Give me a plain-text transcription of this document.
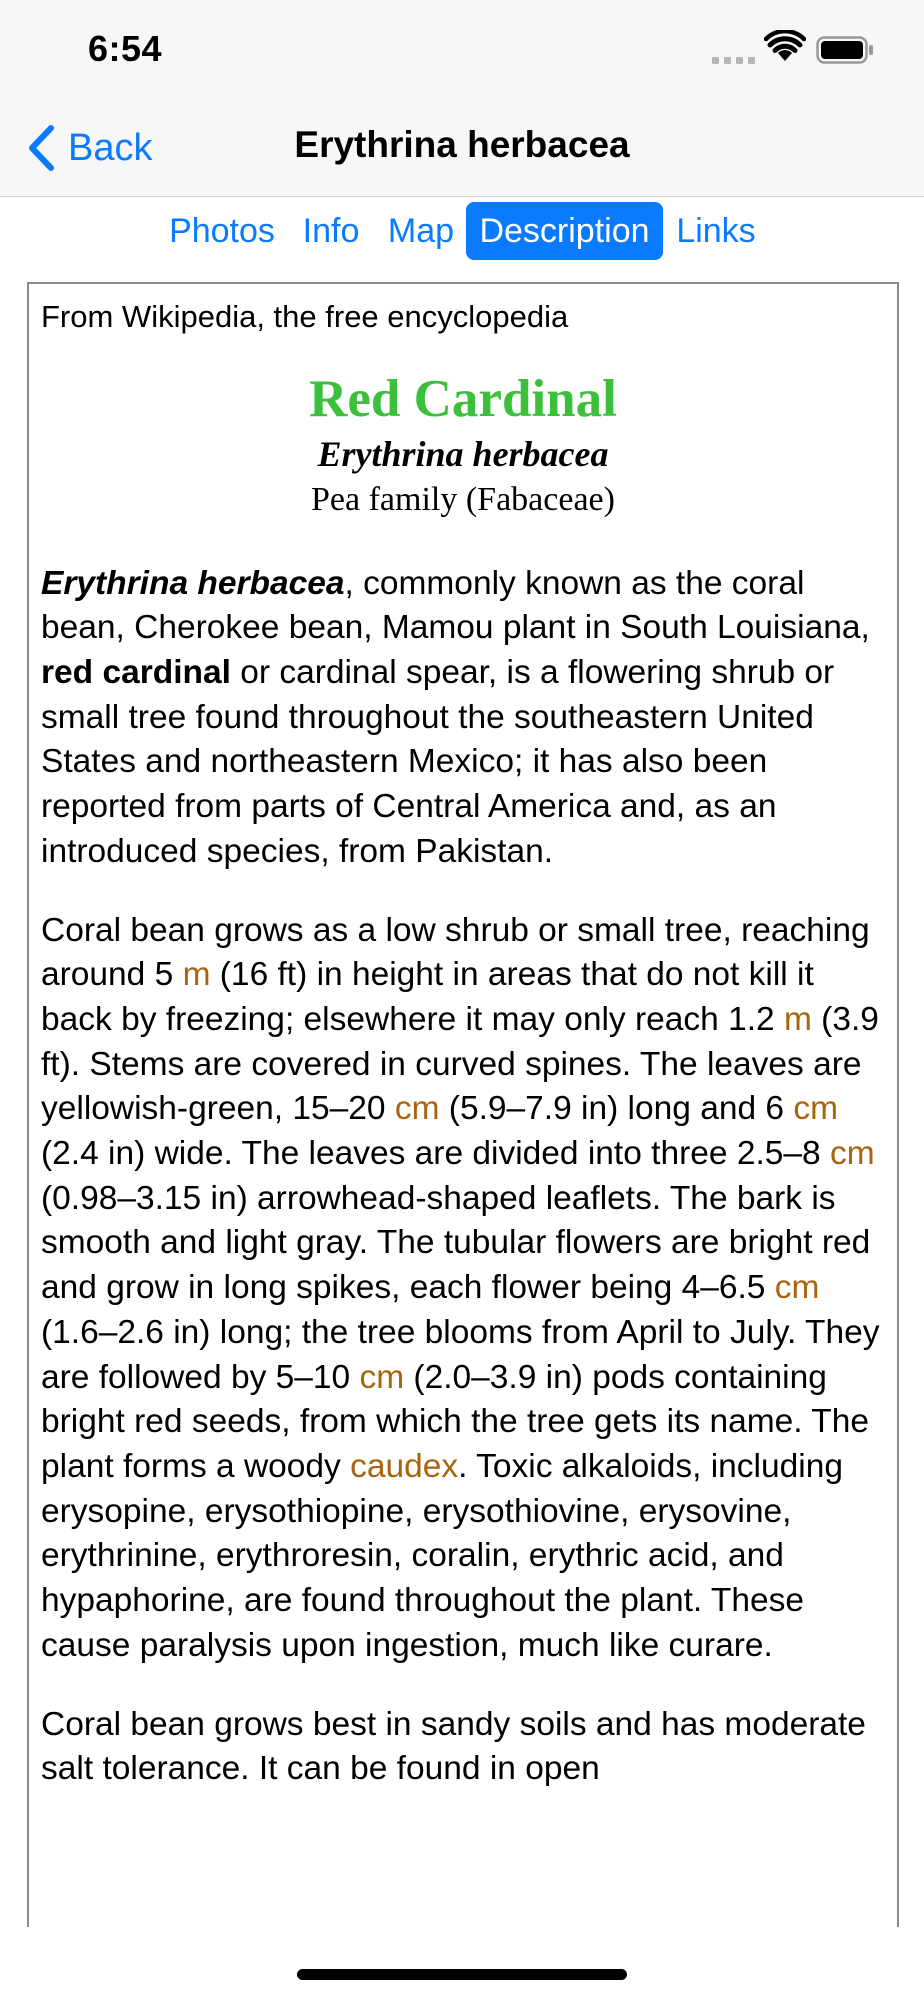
6:54
Back	Erythrina herbacea
Photos Info Map Description Links
From Wikipedia, the free encyclopedia
Red Cardinal
Erythrina herbacea
Pea family (Fabaceae)

Erythrina herbacea, commonly known as the coral bean, Cherokee bean, Mamou plant in South Louisiana, red cardinal or cardinal spear, is a flowering shrub or small tree found throughout the southeastern United States and northeastern Mexico; it has also been reported from parts of Central America and, as an introduced species, from Pakistan.

Coral bean grows as a low shrub or small tree, reaching around 5 m (16 ft) in height in areas that do not kill it back by freezing; elsewhere it may only reach 1.2 m (3.9 ft). Stems are covered in curved spines. The leaves are yellowish-green, 15–20 cm (5.9–7.9 in) long and 6 cm (2.4 in) wide. The leaves are divided into three 2.5–8 cm (0.98–3.15 in) arrowhead-shaped leaflets. The bark is smooth and light gray. The tubular flowers are bright red and grow in long spikes, each flower being 4–6.5 cm (1.6–2.6 in) long; the tree blooms from April to July. They are followed by 5–10 cm (2.0–3.9 in) pods containing bright red seeds, from which the tree gets its name. The plant forms a woody caudex. Toxic alkaloids, including erysopine, erysothiopine, erysothiovine, erysovine, erythrinine, erythroresin, coralin, erythric acid, and hypaphorine, are found throughout the plant. These cause paralysis upon ingestion, much like curare.

Coral bean grows best in sandy soils and has moderate salt tolerance. It can be found in open
